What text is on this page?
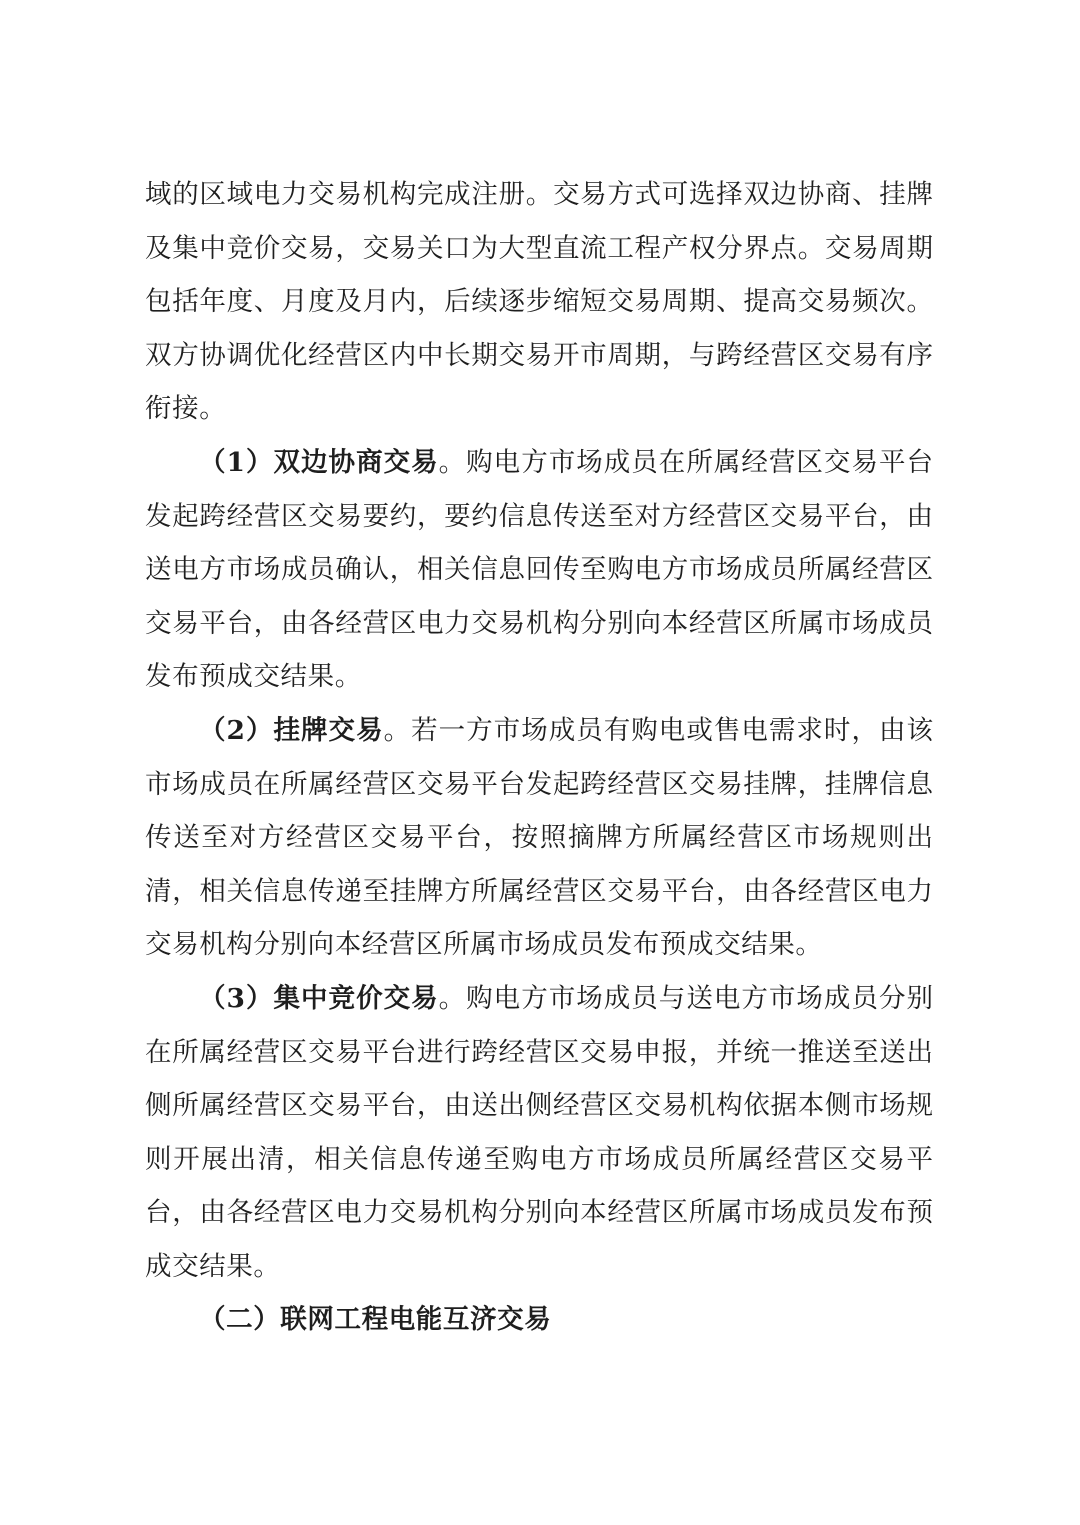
域的区域电力交易机构完成注册。交易方式可选择双边协商、挂牌
及集中竞价交易，交易关口为大型直流工程产权分界点。交易周期
包括年度、月度及月内，后续逐步缩短交易周期、提高交易频次。
双方协调优化经营区内中长期交易开市周期，与跨经营区交易有序
衔接。
（1）双边协商交易。购电方市场成员在所属经营区交易平台
发起跨经营区交易要约，要约信息传送至对方经营区交易平台，由
送电方市场成员确认，相关信息回传至购电方市场成员所属经营区
交易平台，由各经营区电力交易机构分别向本经营区所属市场成员
发布预成交结果。
（2）挂牌交易。若一方市场成员有购电或售电需求时，由该
市场成员在所属经营区交易平台发起跨经营区交易挂牌，挂牌信息
传送至对方经营区交易平台，按照摘牌方所属经营区市场规则出
清，相关信息传递至挂牌方所属经营区交易平台，由各经营区电力
交易机构分别向本经营区所属市场成员发布预成交结果。
（3）集中竞价交易。购电方市场成员与送电方市场成员分别
在所属经营区交易平台进行跨经营区交易申报，并统一推送至送出
侧所属经营区交易平台，由送出侧经营区交易机构依据本侧市场规
则开展出清，相关信息传递至购电方市场成员所属经营区交易平
台，由各经营区电力交易机构分别向本经营区所属市场成员发布预
成交结果。
（二）联网工程电能互济交易
